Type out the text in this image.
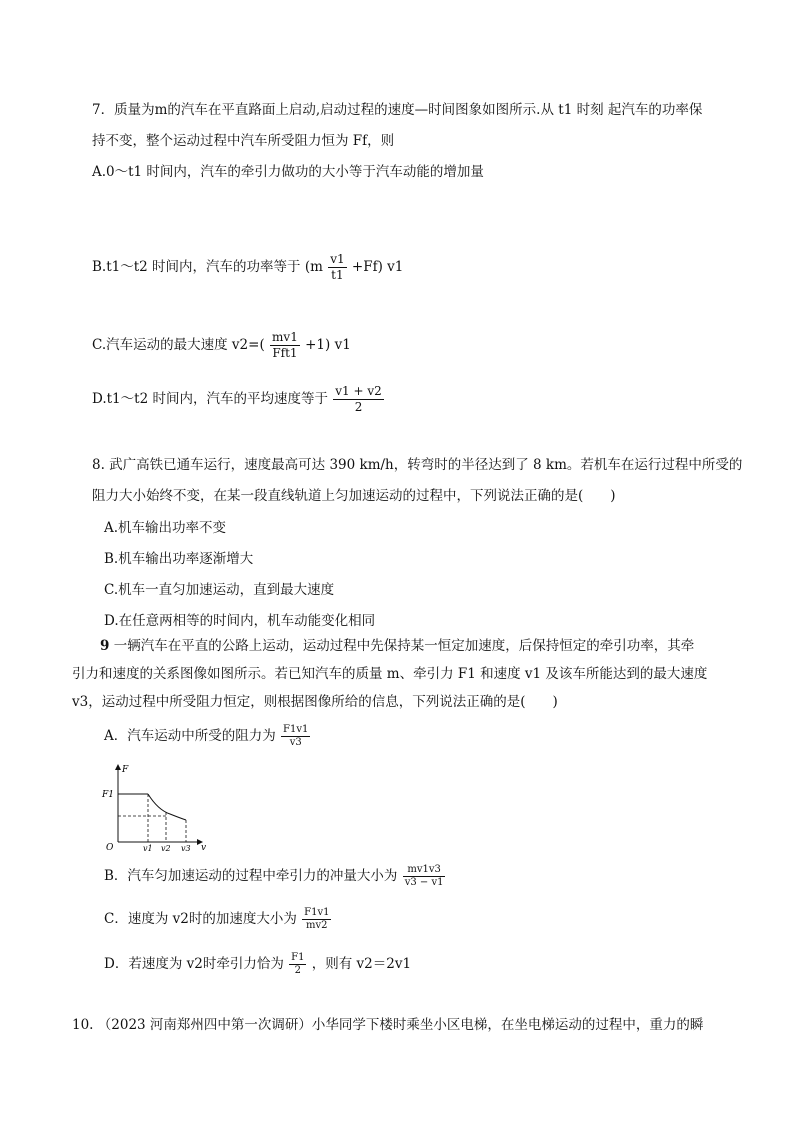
7．质量为m的汽车在平直路面上启动,启动过程的速度—时间图象如图所示.从 t1 时刻 起汽车的功率保
持不变，整个运动过程中汽车所受阻力恒为 Ff，则
A.0～t1 时间内，汽车的牵引力做功的大小等于汽车动能的增加量
B.t1～t2 时间内，汽车的功率等于 $(m \frac{v1}{t1} +Ff)$ v1
C.汽车运动的最大速度 $v2=( \frac{mv1}{\text{Fft1}} +1)$ v1
D.t1～t2 时间内，汽车的平均速度等于 $\frac{v1 + v2}{2}$
8. 武广高铁已通车运行，速度最高可达 390 km/h，转弯时的半径达到了 8 km。若机车在运行过程中所受的
阻力大小始终不变，在某一段直线轨道上匀加速运动的过程中，下列说法正确的是(　　)
A.机车输出功率不变
B.机车输出功率逐渐增大
C.机车一直匀加速运动，直到最大速度
D.在任意两相等的时间内，机车动能变化相同
9 一辆汽车在平直的公路上运动，运动过程中先保持某一恒定加速度，后保持恒定的牵引功率，其牵
引力和速度的关系图像如图所示。若已知汽车的质量 m、牵引力 F1 和速度 v1 及该车所能达到的最大速度
v3，运动过程中所受阻力恒定，则根据图像所给的信息，下列说法正确的是(　　)
A．汽车运动中所受的阻力为 $\frac{F1v1}{v3}$
F
F1
O	v
v1 v2 v3
B．汽车匀加速运动的过程中牵引力的冲量大小为 $\frac{mv1v3}{v3 - v1}$
C．速度为 v2时的加速度大小为 $\frac{F1v1}{mv2}$
D．若速度为 v2时牵引力恰为 $\frac{F1}{2}$ ，则有 v2＝2v1
10. （2023 河南郑州四中第一次调研）小华同学下楼时乘坐小区电梯，在坐电梯运动的过程中，重力的瞬
